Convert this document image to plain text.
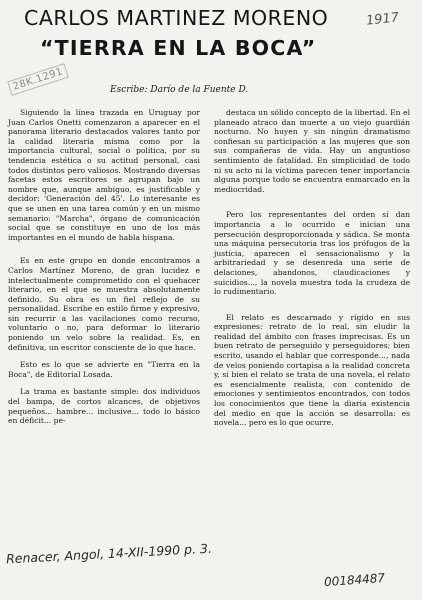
CARLOS MARTINEZ MORENO
“TIERRA EN LA BOCA”
1917
28K.1291	Escribe: Darío de la Fuente D.

Siguiendo la línea trazada en Uruguay por Juan Carlos Onetti comenzaron a aparecer en el panorama literario destacados valores tanto por la calidad literaria misma como por la importancia cultural, social o política, por su tendencia estética o su actitud personal, casi todos distintos pero valiosos. Mostrando diversas facetas estos escritores se agrupan bajo un nombre que, aunque ambiguo, es justificable y decidor: 'Generación del 45'. Lo interesante es que se unen en una tarea común y en un mismo semanario: "Marcha", órgano de comunicación social que se constituye en uno de los más importantes en el mundo de habla hispana.

Es en este grupo en donde encontramos a Carlos Martínez Moreno, de gran lucidez e intelectualmente comprometido con el quehacer literario, en el que se muestra absolutamente definido. Su obra es un fiel reflejo de su personalidad. Escribe en estilo firme y expresivo, sin recurrir a las vacilaciones como recurso, voluntario o no, para deformar lo literario poniendo un velo sobre la realidad. Es, en definitiva, un escritor consciente de lo que hace.

Esto es lo que se advierte en "Tierra en la Boca", de Editorial Losada.

La trama es bastante simple: dos individuos del bampa, de cortos alcances, de objetivos pequeños... hambre... inclusive... todo lo básico en déficit... pe-

destaca un sólido concepto de la libertad. En el planeado atraco dan muerte a un viejo guardián nocturno. No huyen y sin ningún dramatismo confiesan su participación a las mujeres que son sus compañeras de vida. Hay un angustioso sentimiento de fatalidad. En simplicidad de todo ni su acto ni la víctima parecen tener importancia alguna porque todo se encuentra enmarcado en la mediocridad.

Pero los representantes del orden sí dan importancia a lo ocurrido e inician una persecución desproporcionada y sádica. Se monta una máquina persecutoria tras los prófugos de la justicia, aparecen el sensacionalismo y la arbitrariedad y se desenreda una serie de delaciones, abandonos, claudicaciones y suicidios..., la novela muestra toda la crudeza de lo rudimentario.

El relato es descarnado y rígido en sus expresiones: retrato de lo real, sin eludir la realidad del ámbito con frases imprecisas. Es un buen retrato de perseguido y perseguidores; bien escrito, usando el hablar que corresponde..., nada de velos poniendo cortapisa a la realidad concreta y, si bien el relato se trata de una novela, el relato es esencialmente realista, con contenido de emociones y sentimientos encontrados, con todos los conocimientos que tiene la diaria existencia del medio en que la acción se desarrolla: es novela... pero es lo que ocurre.

Renacer, Angol, 14-XII-1990 p. 3.
00184487
